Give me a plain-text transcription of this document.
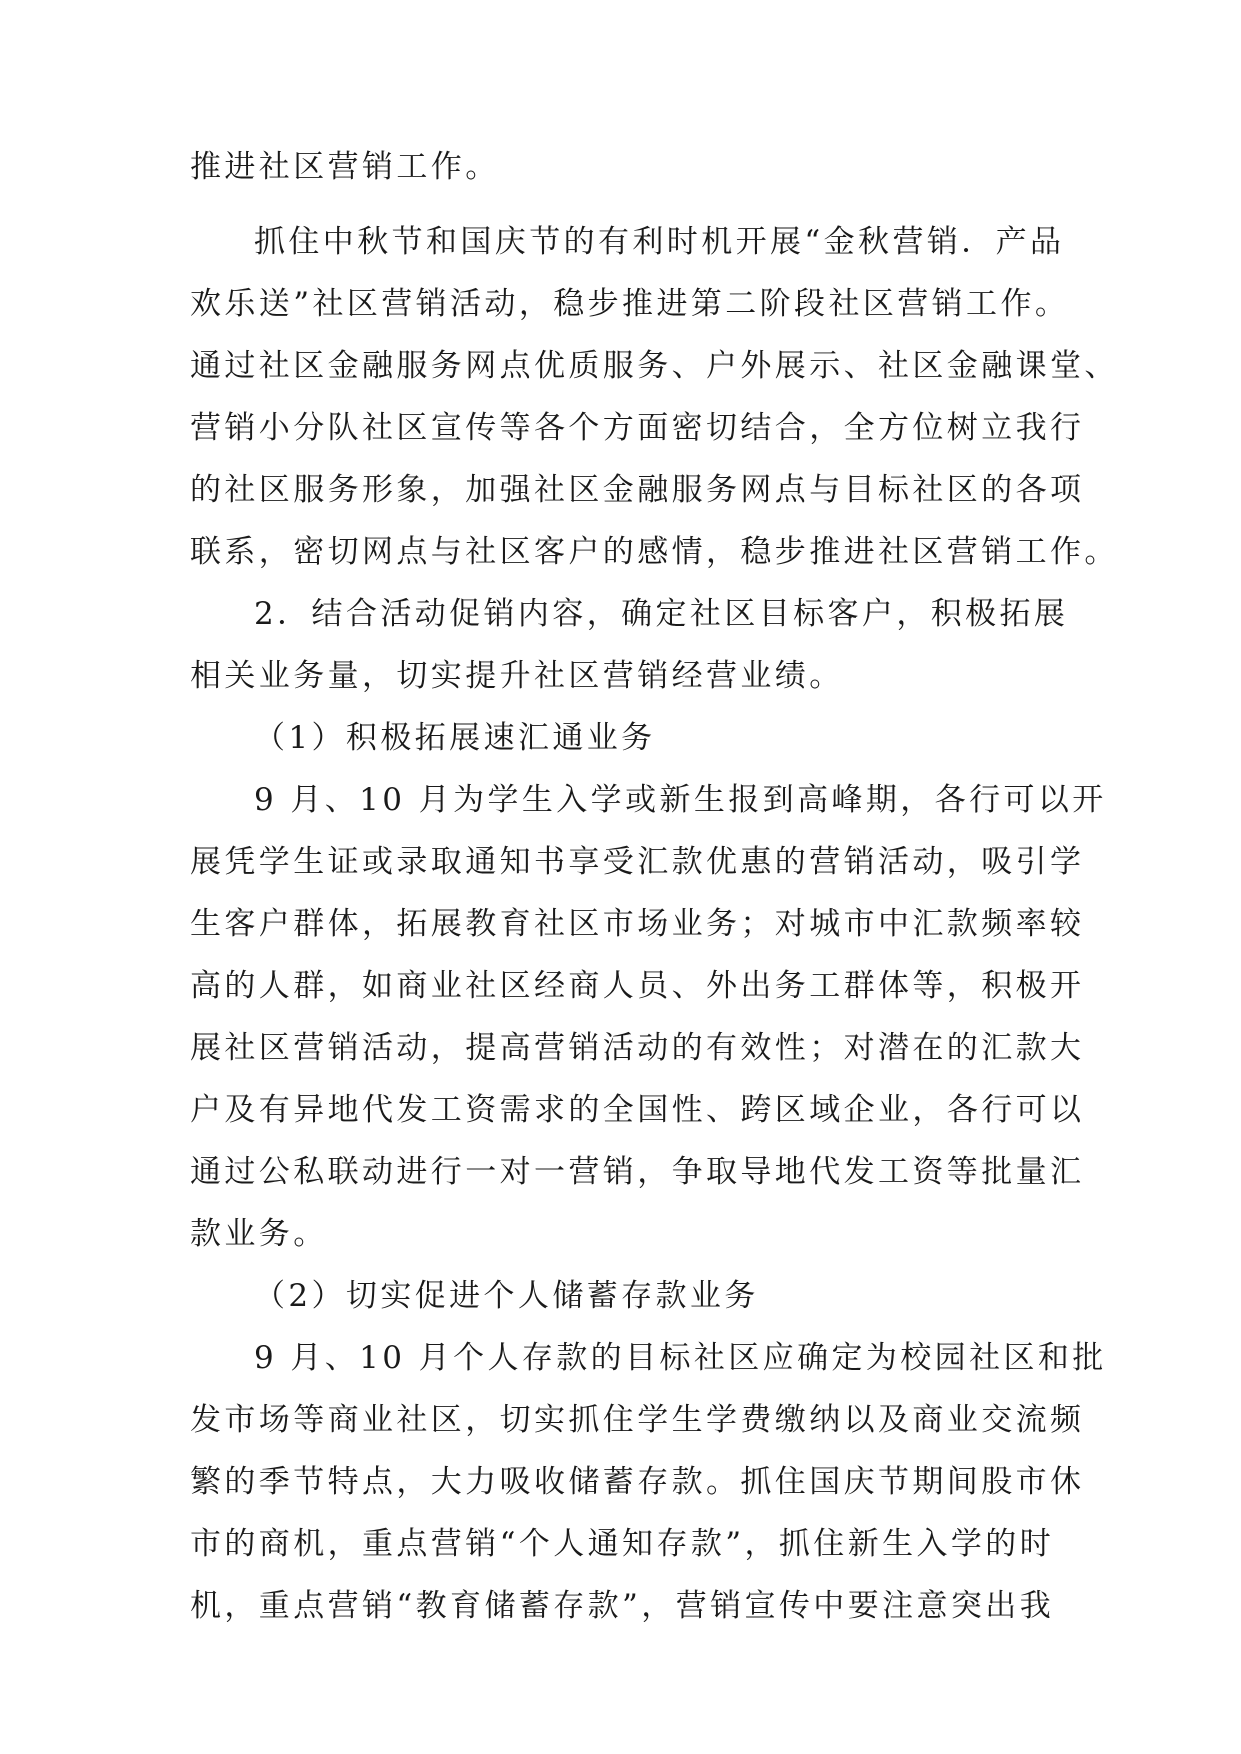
推进社区营销工作。
抓住中秋节和国庆节的有利时机开展“金秋营销．产品
欢乐送”社区营销活动，稳步推进第二阶段社区营销工作。
通过社区金融服务网点优质服务、户外展示、社区金融课堂、
营销小分队社区宣传等各个方面密切结合，全方位树立我行
的社区服务形象，加强社区金融服务网点与目标社区的各项
联系，密切网点与社区客户的感情，稳步推进社区营销工作。
2．结合活动促销内容，确定社区目标客户，积极拓展
相关业务量，切实提升社区营销经营业绩。
（1）积极拓展速汇通业务
9 月、10 月为学生入学或新生报到高峰期，各行可以开
展凭学生证或录取通知书享受汇款优惠的营销活动，吸引学
生客户群体，拓展教育社区市场业务；对城市中汇款频率较
高的人群，如商业社区经商人员、外出务工群体等，积极开
展社区营销活动，提高营销活动的有效性；对潜在的汇款大
户及有异地代发工资需求的全国性、跨区域企业，各行可以
通过公私联动进行一对一营销，争取导地代发工资等批量汇
款业务。
（2）切实促进个人储蓄存款业务
9 月、10 月个人存款的目标社区应确定为校园社区和批
发市场等商业社区，切实抓住学生学费缴纳以及商业交流频
繁的季节特点，大力吸收储蓄存款。抓住国庆节期间股市休
市的商机，重点营销“个人通知存款”，抓住新生入学的时
机，重点营销“教育储蓄存款”，营销宣传中要注意突出我
